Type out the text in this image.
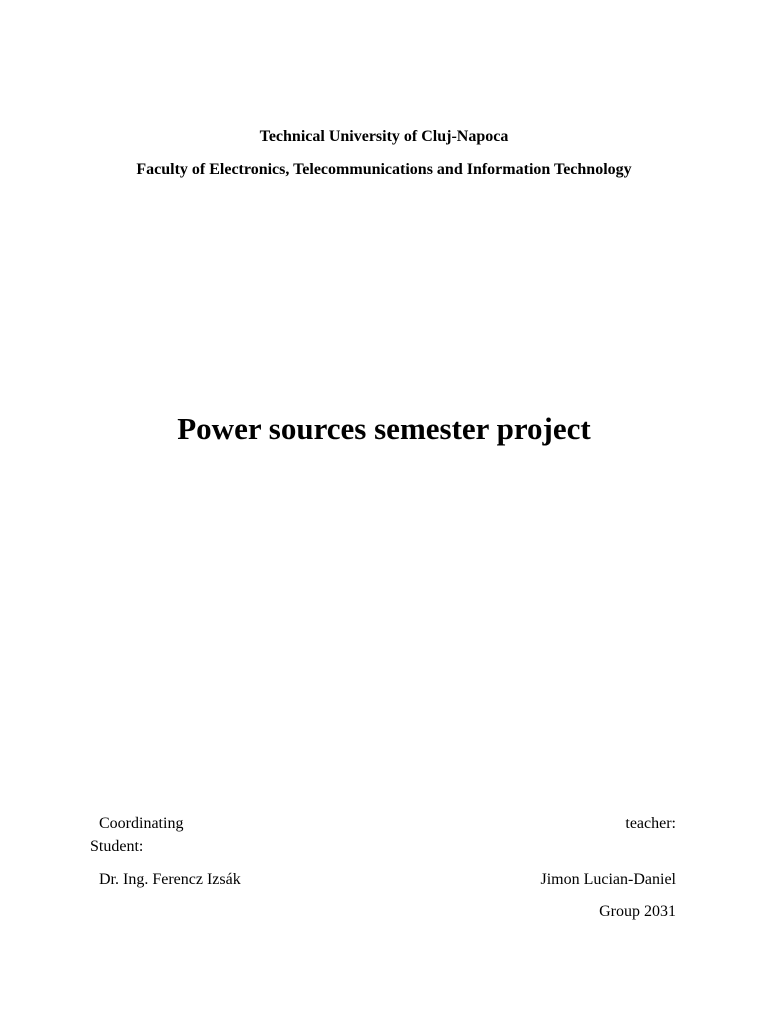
Technical University of Cluj-Napoca
Faculty of Electronics, Telecommunications and Information Technology
Power sources semester project
Coordinating	teacher:
Student:
Dr. Ing. Ferencz Izsák	Jimon Lucian-Daniel
Group 2031
